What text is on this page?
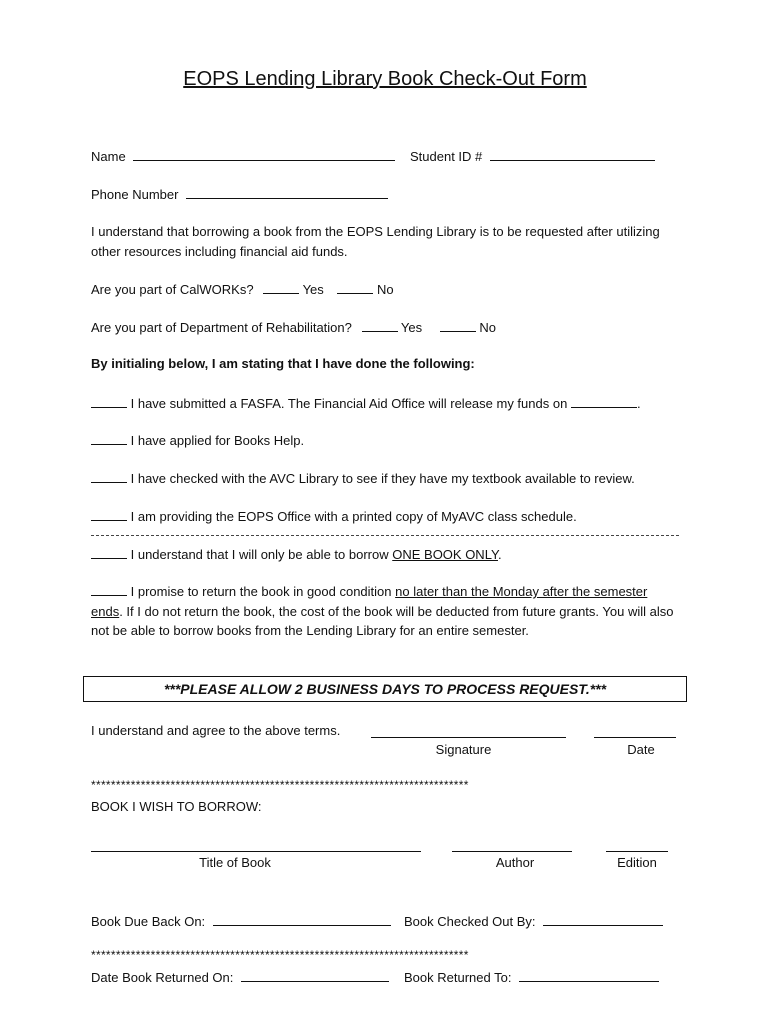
EOPS Lending Library Book Check-Out Form
Name	Student ID #
Phone Number
I understand that borrowing a book from the EOPS Lending Library is to be requested after utilizing other resources including financial aid funds.
Are you part of CalWORKs?	Yes	No
Are you part of Department of Rehabilitation?	Yes	No
By initialing below, I am stating that I have done the following:
I have submitted a FASFA. The Financial Aid Office will release my funds on	.
I have applied for Books Help.
I have checked with the AVC Library to see if they have my textbook available to review.
I am providing the EOPS Office with a printed copy of MyAVC class schedule.
I understand that I will only be able to borrow ONE BOOK ONLY.
I promise to return the book in good condition no later than the Monday after the semester ends. If I do not return the book, the cost of the book will be deducted from future grants. You will also not be able to borrow books from the Lending Library for an entire semester.
***PLEASE ALLOW 2 BUSINESS DAYS TO PROCESS REQUEST.***
I understand and agree to the above terms.
Signature	Date
****************************************************************************
BOOK I WISH TO BORROW:
Title of Book	Author	Edition
Book Due Back On:	Book Checked Out By:
****************************************************************************
Date Book Returned On:	Book Returned To:
